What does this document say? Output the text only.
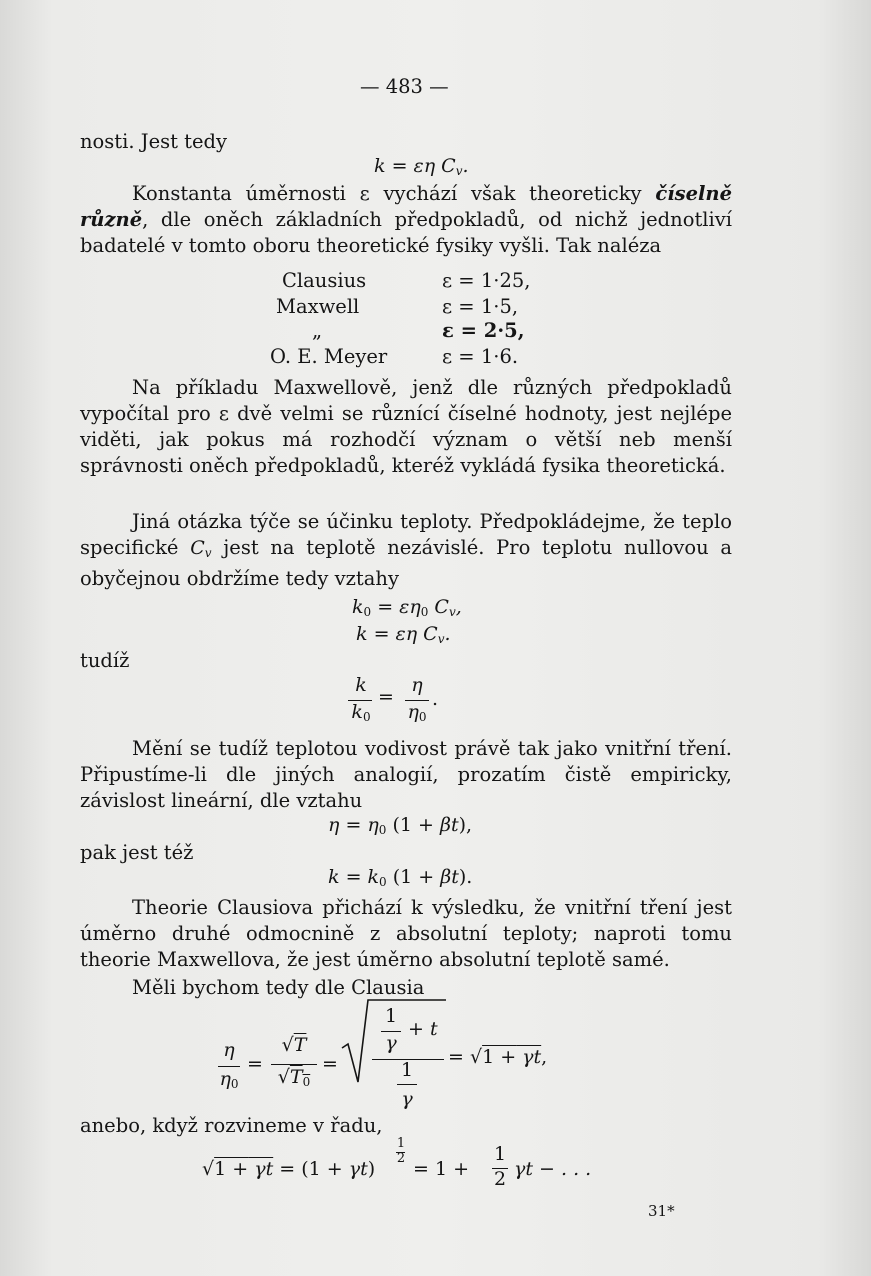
— 483 —
nosti. Jest tedy
k = εη $C_v$.
Konstanta úměrnosti ε vychází však theoreticky číselně různě, dle oněch základních předpokladů, od nichž jednotliví badatelé v tomto oboru theoretické fysiky vyšli. Tak naléza
Clausius	ε = 1·25,
Maxwell	ε = 1·5,
„	ε = 2·5,
O. E. Meyer	ε = 1·6.
Na příkladu Maxwellově, jenž dle různých předpokladů vypočítal pro ε dvě velmi se různící číselné hodnoty, jest nejlépe viděti, jak pokus má rozhodčí význam o větší neb menší správnosti oněch předpokladů, kteréž vykládá fysika theoretická.
Jiná otázka týče se účinku teploty. Předpokládejme, že teplo specifické $C_v$ jest na teplotě nezávislé. Pro teplotu nullovou a obyčejnou obdržíme tedy vztahy
$k_0 = \varepsilon\eta_0$ $C_v$,
k = εη $C_v$.
tudíž
k
$k_0$
=
η
$\eta_0$
.
Mění se tudíž teplotou vodivost právě tak jako vnitřní tření. Připustíme-li dle jiných analogií, prozatím čistě empiricky, závislost lineární, dle vztahu
$\eta = \eta_0$ (1 + βt),
pak jest též
$k = k_0$ (1 + βt).
Theorie Clausiova přichází k výsledku, že vnitřní tření jest úměrno druhé odmocnině z absolutní teploty; naproti tomu theorie Maxwellova, že jest úměrno absolutní teplotě samé.
Měli bychom tedy dle Clausia
η
$\eta_0$
=
√T
$√T_0$
=
1
γ
+ t
1
γ
= √1 + γt,
anebo, když rozvineme v řadu,
√1 + γt = (1 + γt)
1
2 = 1 +
1
2 γt − . . .
31*
